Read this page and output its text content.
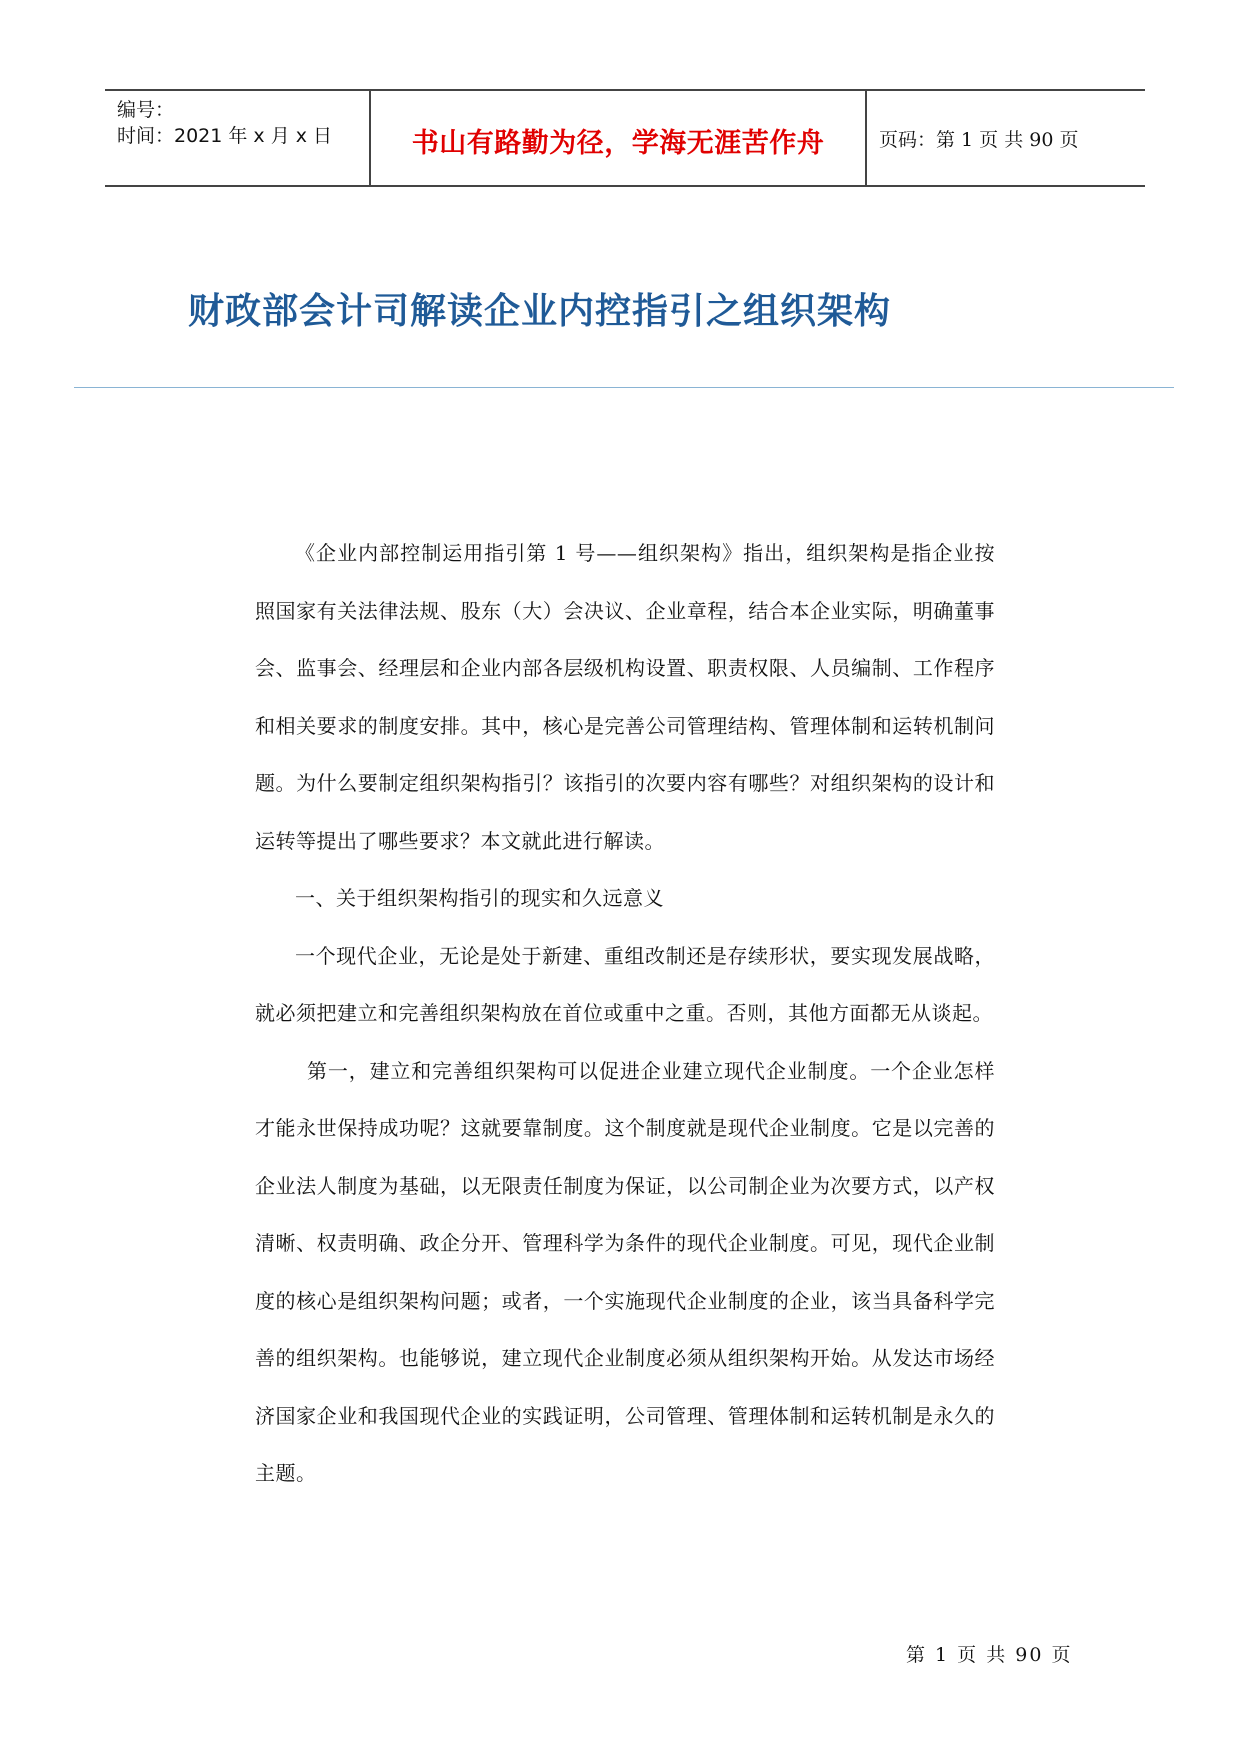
编号：
时间：2021 年 x 月 x 日	书山有路勤为径，学海无涯苦作舟	页码：第 1 页 共 90 页
财政部会计司解读企业内控指引之组织架构

《企业内部控制运用指引第 1 号——组织架构》指出，组织架构是指企业按照国家有关法律法规、股东（大）会决议、企业章程，结合本企业实际，明确董事会、监事会、经理层和企业内部各层级机构设置、职责权限、人员编制、工作程序和相关要求的制度安排。其中，核心是完善公司管理结构、管理体制和运转机制问题。为什么要制定组织架构指引？该指引的次要内容有哪些？对组织架构的设计和运转等提出了哪些要求？本文就此进行解读。

一、关于组织架构指引的现实和久远意义

一个现代企业，无论是处于新建、重组改制还是存续形状，要实现发展战略，就必须把建立和完善组织架构放在首位或重中之重。否则，其他方面都无从谈起。

第一，建立和完善组织架构可以促进企业建立现代企业制度。一个企业怎样才能永世保持成功呢？这就要靠制度。这个制度就是现代企业制度。它是以完善的企业法人制度为基础，以无限责任制度为保证，以公司制企业为次要方式，以产权清晰、权责明确、政企分开、管理科学为条件的现代企业制度。可见，现代企业制度的核心是组织架构问题；或者，一个实施现代企业制度的企业，该当具备科学完善的组织架构。也能够说，建立现代企业制度必须从组织架构开始。从发达市场经济国家企业和我国现代企业的实践证明，公司管理、管理体制和运转机制是永久的主题。

第 1 页 共 90 页
